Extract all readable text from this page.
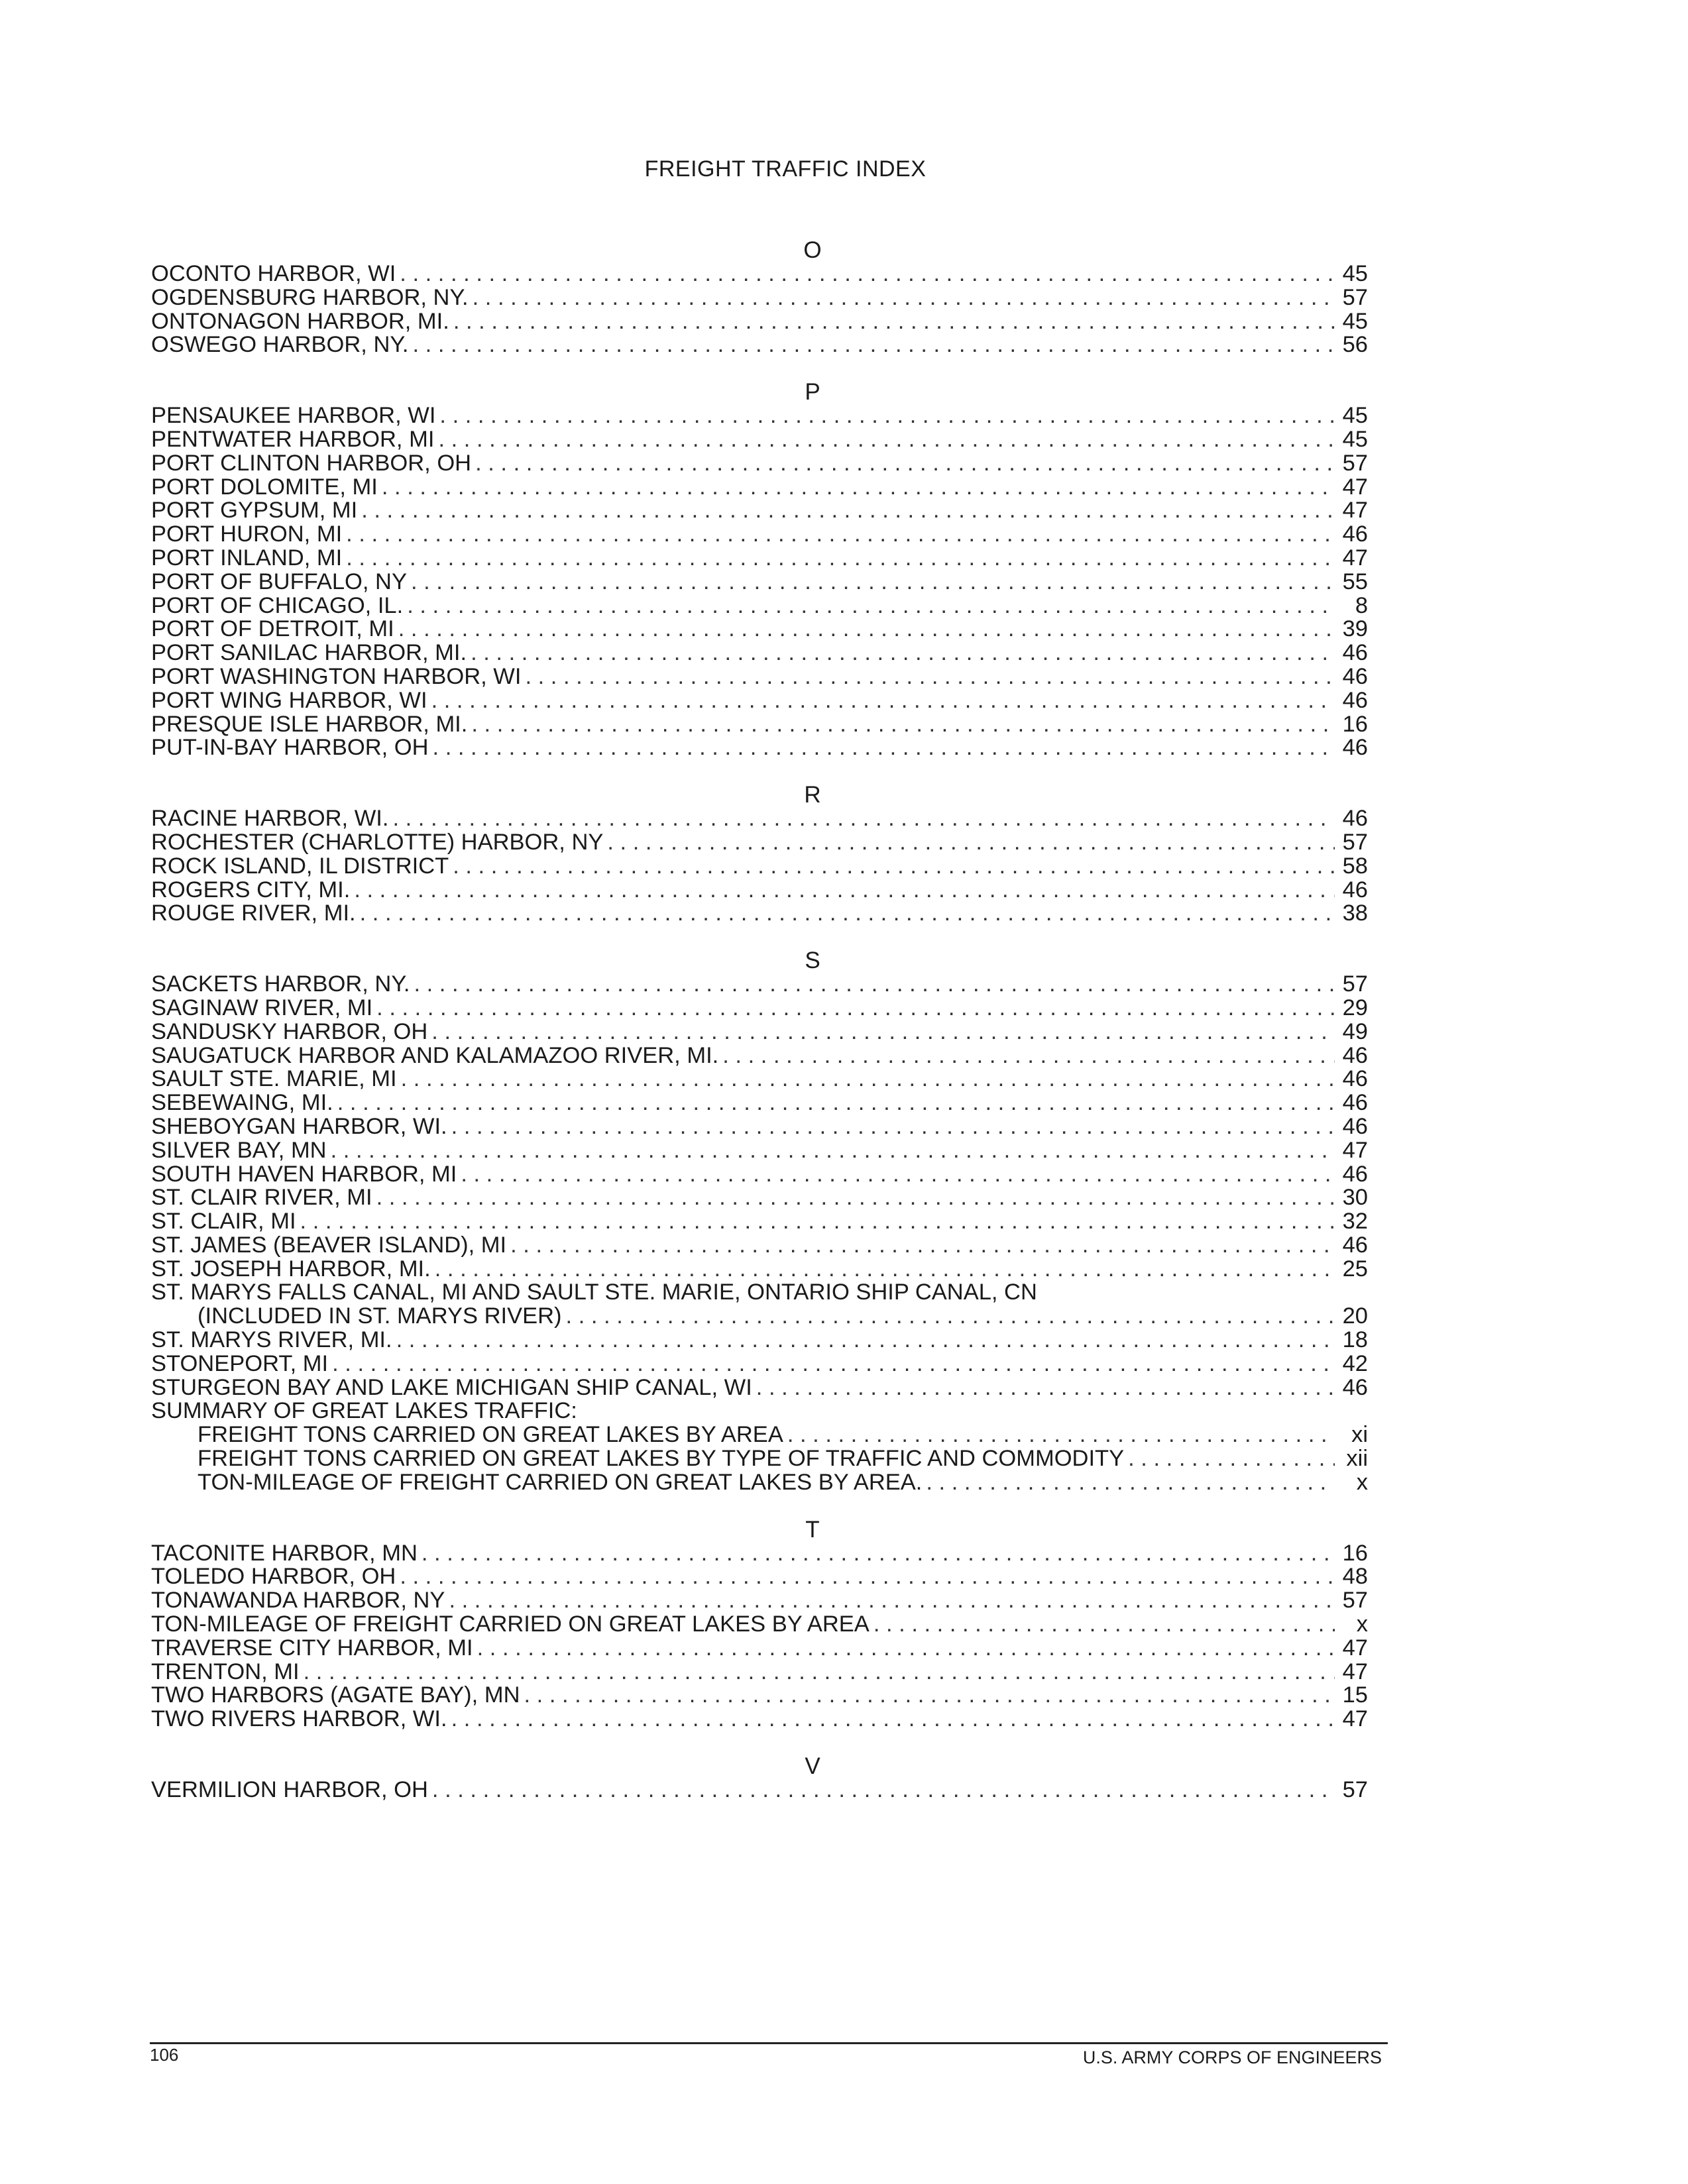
FREIGHT TRAFFIC INDEX
O
OCONTO HARBOR, WI . . .	45
OGDENSBURG HARBOR, NY. . . .	57
ONTONAGON HARBOR, MI. . . .	45
OSWEGO HARBOR, NY. . . .	56
P
PENSAUKEE HARBOR, WI . . .	45
PENTWATER HARBOR, MI . . .	45
PORT CLINTON HARBOR, OH . . .	57
PORT DOLOMITE, MI . . .	47
PORT GYPSUM, MI . . .	47
PORT HURON, MI . . .	46
PORT INLAND, MI . . .	47
PORT OF BUFFALO, NY . . .	55
PORT OF CHICAGO, IL. . . .	8
PORT OF DETROIT, MI . . .	39
PORT SANILAC HARBOR, MI. . . .	46
PORT WASHINGTON HARBOR, WI . . .	46
PORT WING HARBOR, WI . . .	46
PRESQUE ISLE HARBOR, MI. . . .	16
PUT-IN-BAY HARBOR, OH . . .	46
R
RACINE HARBOR, WI. . . .	46
ROCHESTER (CHARLOTTE) HARBOR, NY . . .	57
ROCK ISLAND, IL DISTRICT . . .	58
ROGERS CITY, MI. . . .	46
ROUGE RIVER, MI. . . .	38
S
SACKETS HARBOR, NY. . . .	57
SAGINAW RIVER, MI . . .	29
SANDUSKY HARBOR, OH . . .	49
SAUGATUCK HARBOR AND KALAMAZOO RIVER, MI. . . .	46
SAULT STE. MARIE, MI . . .	46
SEBEWAING, MI. . . .	46
SHEBOYGAN HARBOR, WI. . . .	46
SILVER BAY, MN . . .	47
SOUTH HAVEN HARBOR, MI . . .	46
ST. CLAIR RIVER, MI . . .	30
ST. CLAIR, MI . . .	32
ST. JAMES (BEAVER ISLAND), MI . . .	46
ST. JOSEPH HARBOR, MI. . . .	25
ST. MARYS FALLS CANAL, MI AND SAULT STE. MARIE, ONTARIO SHIP CANAL, CN
(INCLUDED IN ST. MARYS RIVER) . . .	20
ST. MARYS RIVER, MI. . . .	18
STONEPORT, MI . . .	42
STURGEON BAY AND LAKE MICHIGAN SHIP CANAL, WI . . .	46
SUMMARY OF GREAT LAKES TRAFFIC:
FREIGHT TONS CARRIED ON GREAT LAKES BY AREA . . .	xi
FREIGHT TONS CARRIED ON GREAT LAKES BY TYPE OF TRAFFIC AND COMMODITY . . .	xii
TON-MILEAGE OF FREIGHT CARRIED ON GREAT LAKES BY AREA. . . .	x
T
TACONITE HARBOR, MN . . .	16
TOLEDO HARBOR, OH . . .	48
TONAWANDA HARBOR, NY . . .	57
TON-MILEAGE OF FREIGHT CARRIED ON GREAT LAKES BY AREA . . .	x
TRAVERSE CITY HARBOR, MI . . .	47
TRENTON, MI . . .	47
TWO HARBORS (AGATE BAY), MN . . .	15
TWO RIVERS HARBOR, WI. . . .	47
V
VERMILION HARBOR, OH . . .	57
106	U.S. ARMY CORPS OF ENGINEERS
